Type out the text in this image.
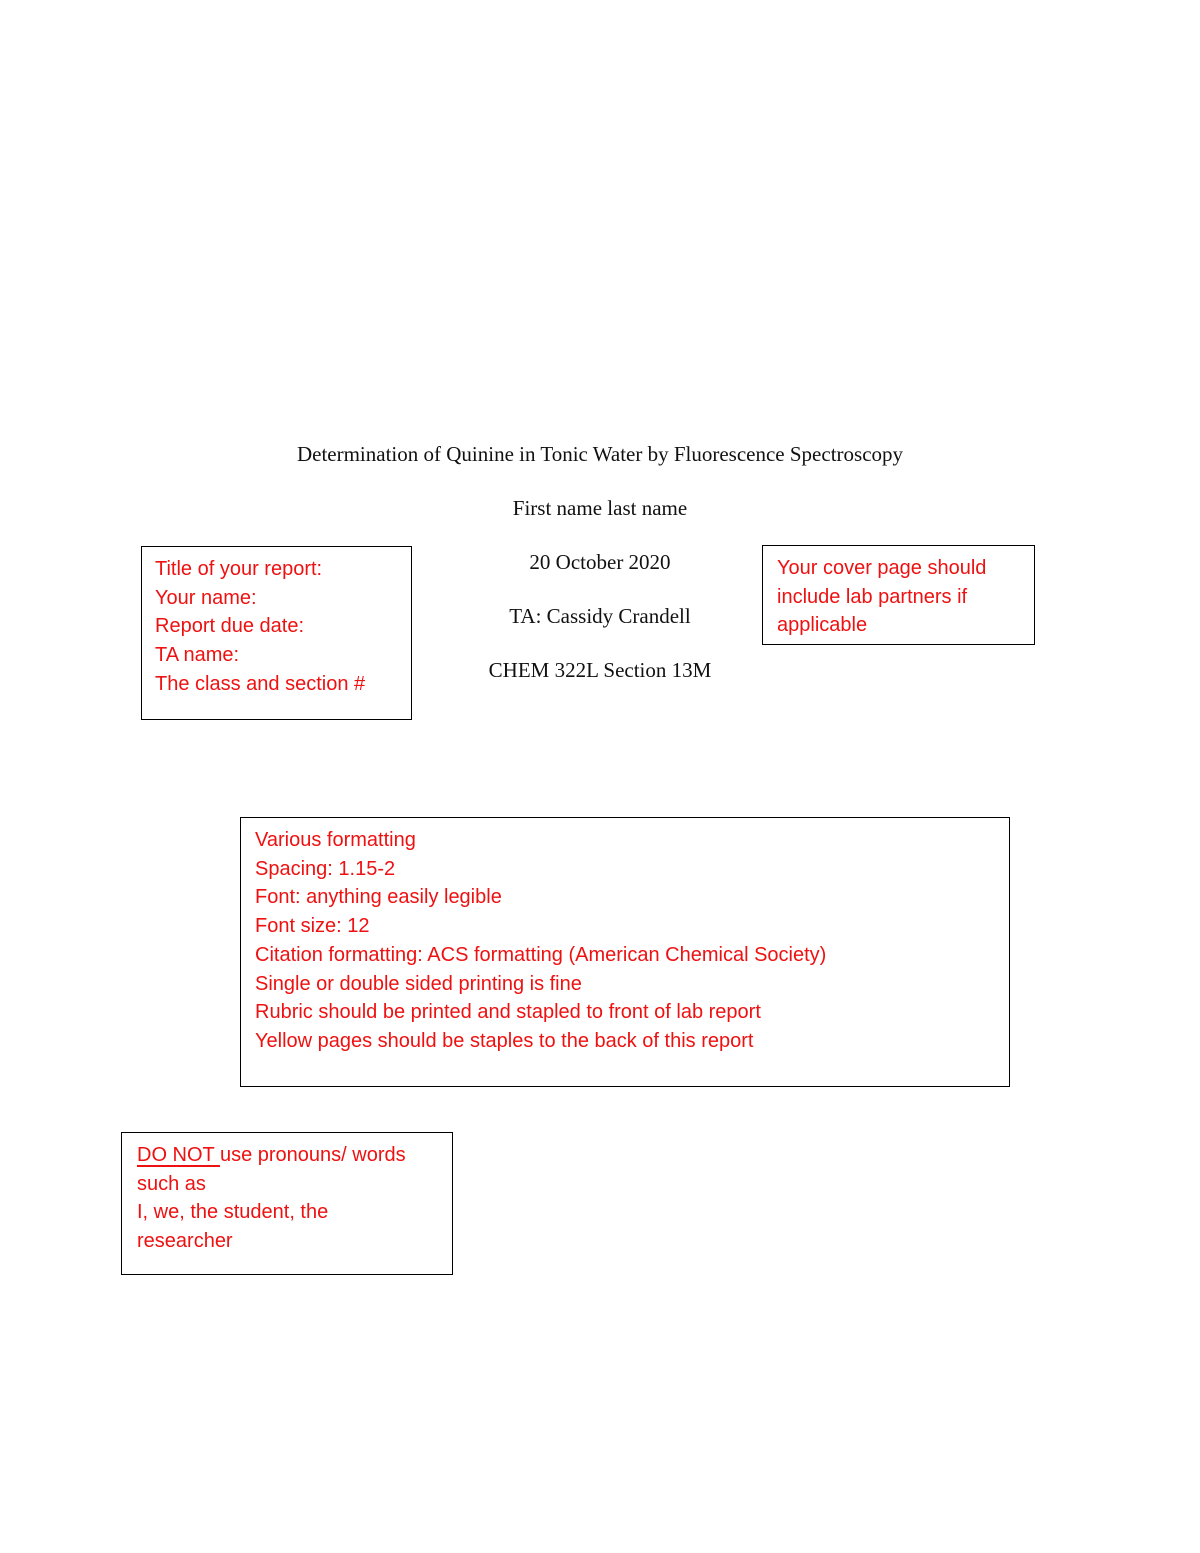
Determination of Quinine in Tonic Water by Fluorescence Spectroscopy
First name last name
20 October 2020
TA: Cassidy Crandell
CHEM 322L Section 13M
Title of your report:
Your name:
Report due date:
TA name:
The class and section #
Your cover page should
include lab partners if
applicable
Various formatting
Spacing: 1.15-2
Font: anything easily legible
Font size: 12
Citation formatting: ACS formatting (American Chemical Society)
Single or double sided printing is fine
Rubric should be printed and stapled to front of lab report
Yellow pages should be staples to the back of this report
DO NOT use pronouns/ words
such as
I, we, the student, the
researcher
